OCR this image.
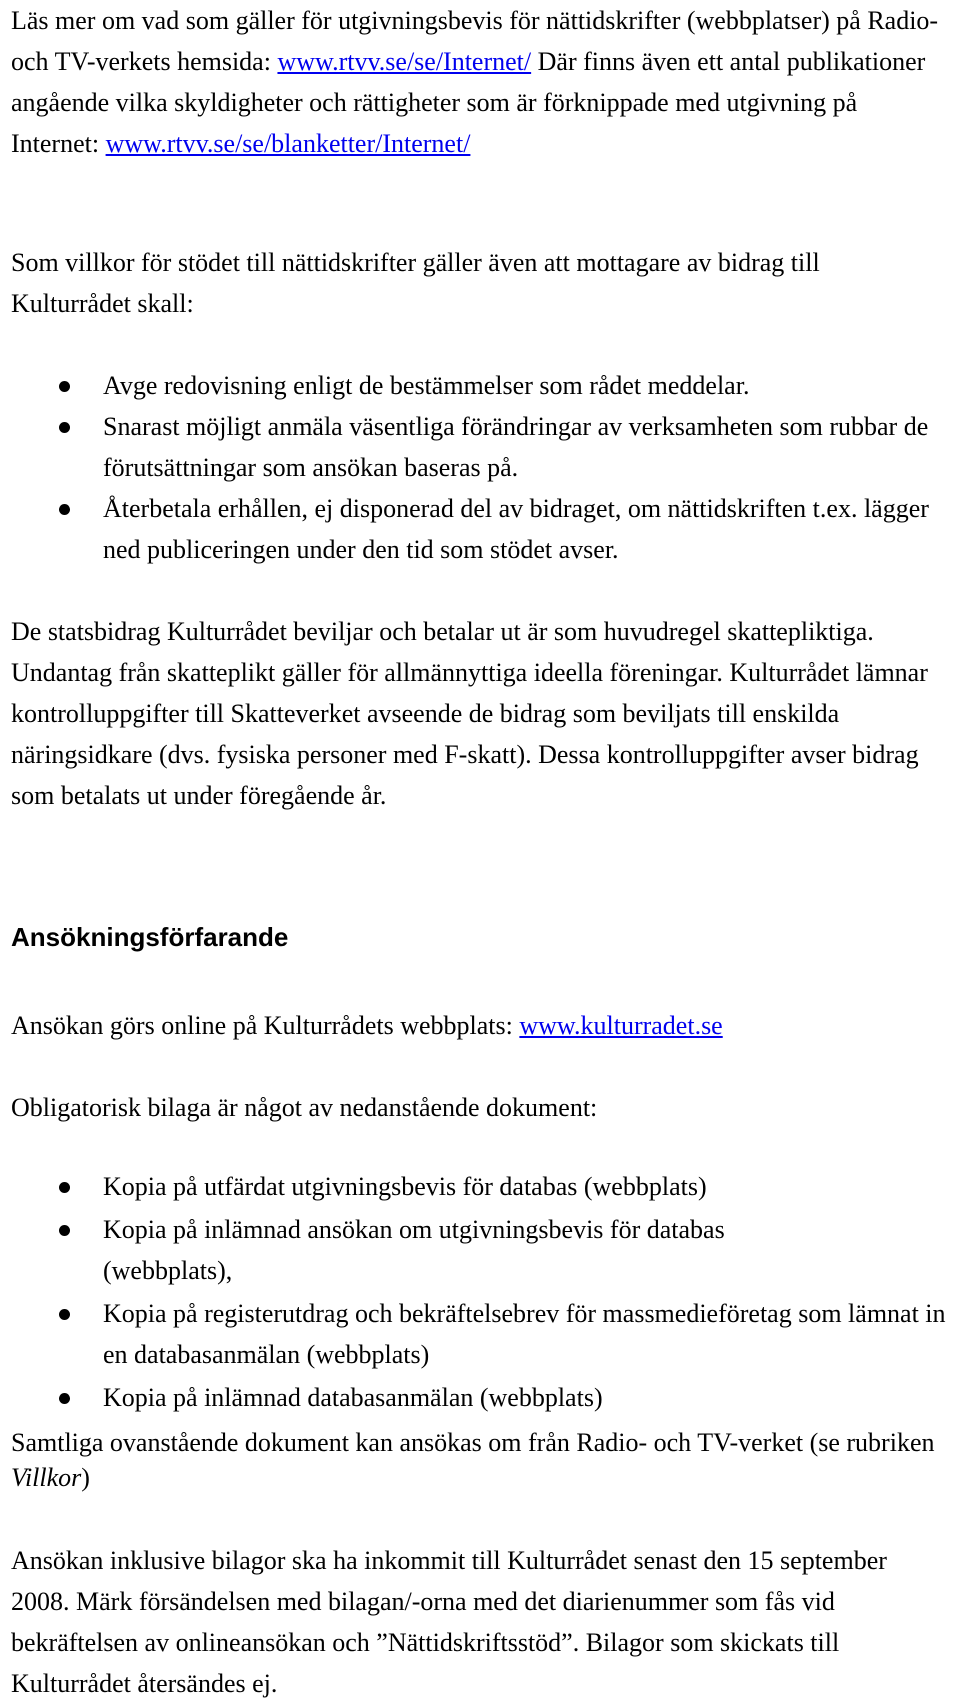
Läs mer om vad som gäller för utgivningsbevis för nättidskrifter (webbplatser) på Radio- och TV-verkets hemsida: www.rtvv.se/se/Internet/ Där finns även ett antal publikationer angående vilka skyldigheter och rättigheter som är förknippade med utgivning på Internet: www.rtvv.se/se/blanketter/Internet/

Som villkor för stödet till nättidskrifter gäller även att mottagare av bidrag till Kulturrådet skall:

Avge redovisning enligt de bestämmelser som rådet meddelar.
Snarast möjligt anmäla väsentliga förändringar av verksamheten som rubbar de förutsättningar som ansökan baseras på.
Återbetala erhållen, ej disponerad del av bidraget, om nättidskriften t.ex. lägger ned publiceringen under den tid som stödet avser.

De statsbidrag Kulturrådet beviljar och betalar ut är som huvudregel skattepliktiga. Undantag från skatteplikt gäller för allmännyttiga ideella föreningar. Kulturrådet lämnar kontrolluppgifter till Skatteverket avseende de bidrag som beviljats till enskilda näringsidkare (dvs. fysiska personer med F-skatt). Dessa kontrolluppgifter avser bidrag som betalats ut under föregående år.

Ansökningsförfarande

Ansökan görs online på Kulturrådets webbplats: www.kulturradet.se

Obligatorisk bilaga är något av nedanstående dokument:

Kopia på utfärdat utgivningsbevis för databas (webbplats)
Kopia på inlämnad ansökan om utgivningsbevis för databas (webbplats),
Kopia på registerutdrag och bekräftelsebrev för massmedieföretag som lämnat in en databasanmälan (webbplats)
Kopia på inlämnad databasanmälan (webbplats)

Samtliga ovanstående dokument kan ansökas om från Radio- och TV-verket (se rubriken Villkor)

Ansökan inklusive bilagor ska ha inkommit till Kulturrådet senast den 15 september 2008. Märk försändelsen med bilagan/-orna med det diarienummer som fås vid bekräftelsen av onlineansökan och ”Nättidskriftsstöd”. Bilagor som skickats till Kulturrådet återsändes ej.
